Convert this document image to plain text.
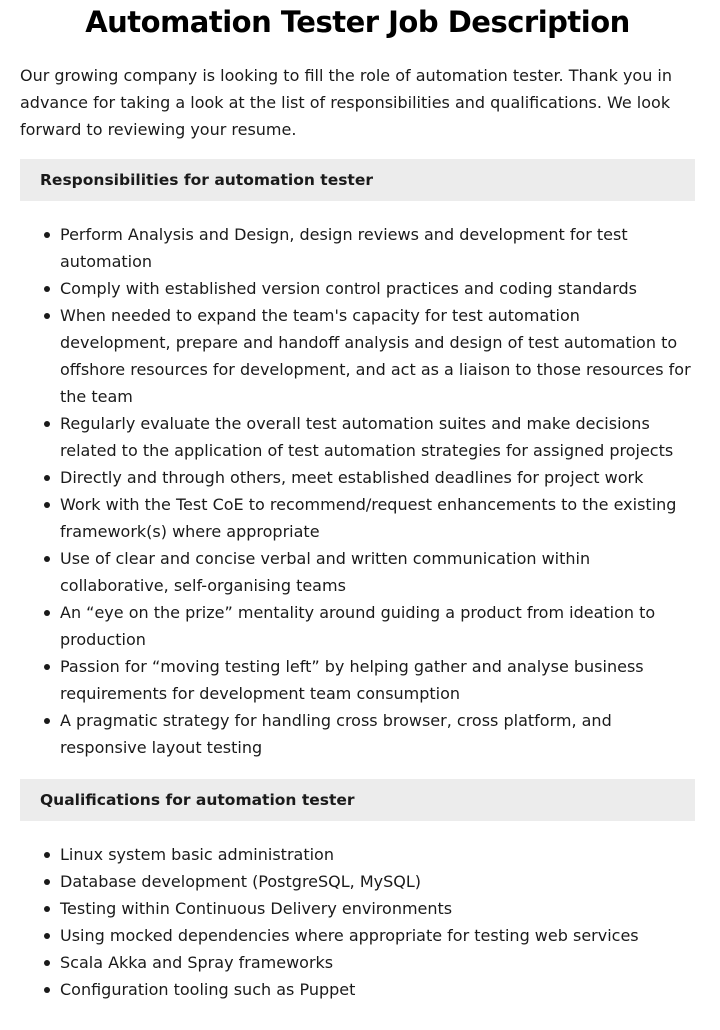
Automation Tester Job Description

Our growing company is looking to fill the role of automation tester. Thank you in advance for taking a look at the list of responsibilities and qualifications. We look forward to reviewing your resume.

Responsibilities for automation tester
Perform Analysis and Design, design reviews and development for test automation
Comply with established version control practices and coding standards
When needed to expand the team's capacity for test automation development, prepare and handoff analysis and design of test automation to offshore resources for development, and act as a liaison to those resources for the team
Regularly evaluate the overall test automation suites and make decisions related to the application of test automation strategies for assigned projects
Directly and through others, meet established deadlines for project work
Work with the Test CoE to recommend/request enhancements to the existing framework(s) where appropriate
Use of clear and concise verbal and written communication within collaborative, self-organising teams
An “eye on the prize” mentality around guiding a product from ideation to production
Passion for “moving testing left” by helping gather and analyse business requirements for development team consumption
A pragmatic strategy for handling cross browser, cross platform, and responsive layout testing
Qualifications for automation tester
Linux system basic administration
Database development (PostgreSQL, MySQL)
Testing within Continuous Delivery environments
Using mocked dependencies where appropriate for testing web services
Scala Akka and Spray frameworks
Configuration tooling such as Puppet
